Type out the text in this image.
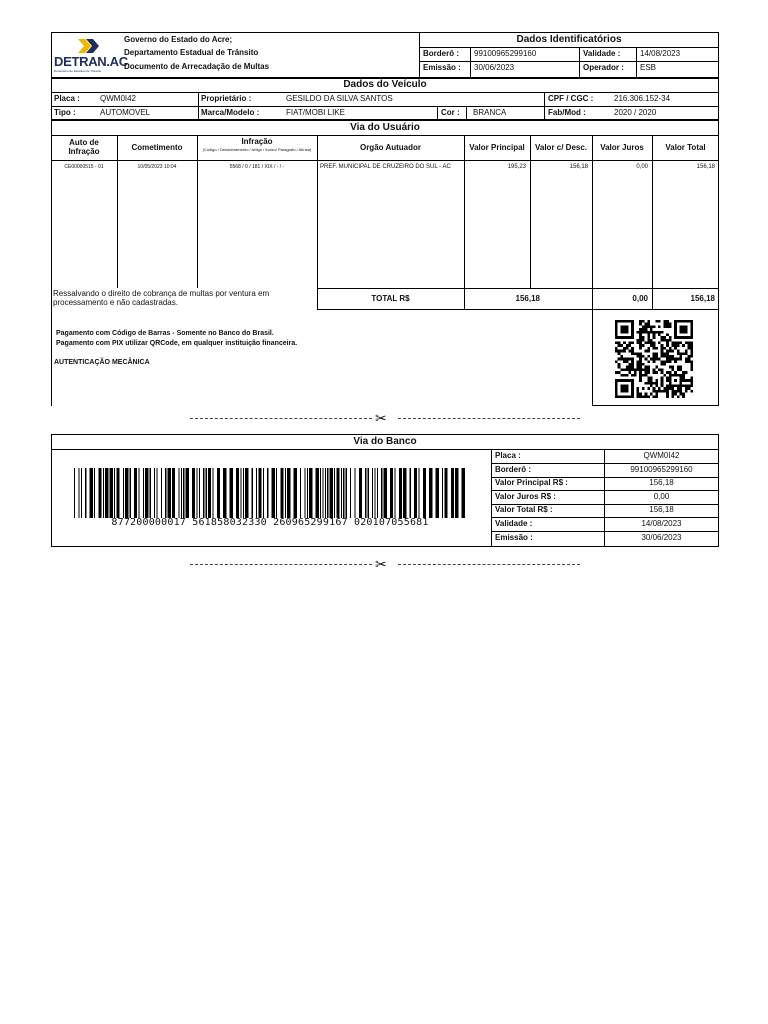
DETRAN.AC
Departamento Estadual de Trânsito
Governo do Estado do Acre;
Departamento Estadual de Trânsito
Documento de Arrecadação de Multas
Dados Identificatórios
Borderô : 99100965299160	Validade : 14/08/2023
Emissão : 30/06/2023	Operador : ESB
Dados do Veículo
Placa :	QWM0I42	Proprietário :	GESILDO DA SILVA SANTOS	CPF / CGC :	216.306.152-34
Tipo :	AUTOMOVEL	Marca/Modelo :	FIAT/MOBI LIKE	Cor : BRANCA	Fab/Mod :	2020 / 2020
Via do Usuário
Auto de Infração	Cometimento
Infração
(Codigo / Desdobramento / Artigo / Inciso/ Paragrafo / Alínea)	Orgão Autuador	Valor Principal	Valor c/ Desc.	Valor Juros	Valor Total
CE00000515 - 01	10/05/2023 10:04	5568 / 0 / 181 / XIX / - / -	PREF. MUNICIPAL DE CRUZEIRO DO SUL - AC	195,23	156,18	0,00	156,18
Ressalvando o direito de cobrança de multas por ventura em processamento e não cadastradas.	TOTAL R$	156,18	0,00	156,18
Pagamento com Código de Barras - Somente no Banco do Brasil.
Pagamento com PIX utilizar QRCode, em qualquer instituição financeira.
AUTENTICAÇÃO MECÂNICA
✂
Via do Banco
Placa :	QWM0I42
Borderô :	99100965299160
Valor Principal R$ :	156,18
Valor Juros R$ :	0,00
Valor Total R$ :	156,18
Validade :	14/08/2023
Emissão :	30/06/2023
877200000017 561858032330 260965299167 020107055681
✂
